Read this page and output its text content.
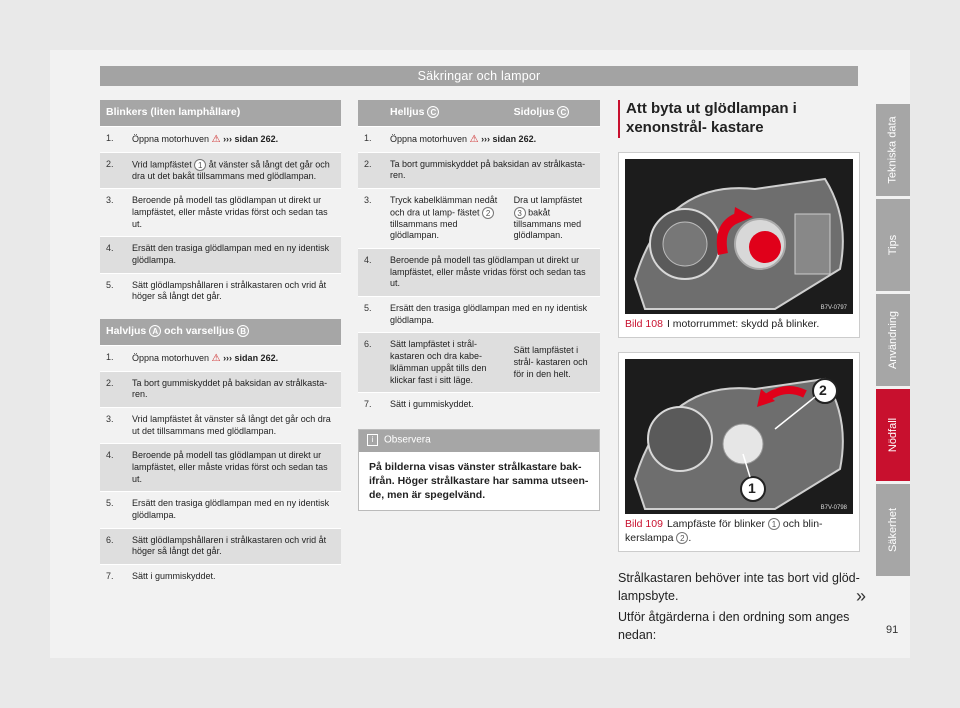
Säkringar och lampor
Blinkers (liten lamphållare)	
1.	Öppna motorhuven ⚠ ››› sidan 262.
2.	Vrid lampfästet 1 åt vänster så långt det går och dra ut det bakåt tillsammans med glödlampan.
3.	Beroende på modell tas glödlampan ut direkt ur lampfästet, eller måste vridas först och sedan tas ut.
4.	Ersätt den trasiga glödlampan med en ny identisk glödlampa.
5.	Sätt glödlampshållaren i strålkastaren och vrid åt höger så långt det går.
Halvljus A och varselljus B	
1.	Öppna motorhuven ⚠ ››› sidan 262.
2.	Ta bort gummiskyddet på baksidan av strålkasta- ren.
3.	Vrid lampfästet åt vänster så långt det går och dra ut det tillsammans med glödlampan.
4.	Beroende på modell tas glödlampan ut direkt ur lampfästet, eller måste vridas först och sedan tas ut.
5.	Ersätt den trasiga glödlampan med en ny identisk glödlampa.
6.	Sätt glödlampshållaren i strålkastaren och vrid åt höger så långt det går.
7.	Sätt i gummiskyddet.
	Helljus C	Sidoljus C
1.	Öppna motorhuven ⚠ ››› sidan 262.	
2.	Ta bort gummiskyddet på baksidan av strålkasta- ren.	
3.	Tryck kabelklämman nedåt och dra ut lamp- fästet 2 tillsammans med glödlampan.	Dra ut lampfästet 3 bakåt tillsammans med glödlampan.
4.	Beroende på modell tas glödlampan ut direkt ur lampfästet, eller måste vridas först och sedan tas ut.	
5.	Ersätt den trasiga glödlampan med en ny identisk glödlampa.	
6.	Sätt lampfästet i strål- kastaren och dra kabe- lklämman uppåt tills den klickar fast i sitt läge.	Sätt lampfästet i strål- kastaren och för in den helt.
7.	Sätt i gummiskyddet.	
i Observera
På bilderna visas vänster strålkastare bak- ifrån. Höger strålkastare har samma utseen- de, men är spegelvänd.
Att byta ut glödlampan i xenonstrål- kastare
B7V-0797
Bild 108 I motorrummet: skydd på blinker.
2
1
B7V-0798
Bild 109 Lampfäste för blinker 1 och blin- kerslampa 2 .
Strålkastaren behöver inte tas bort vid glöd- lampsbyte.
Utför åtgärderna i den ordning som anges nedan:
»
91
Tekniska data
Tips
Användning
Nödfall
Säkerhet
